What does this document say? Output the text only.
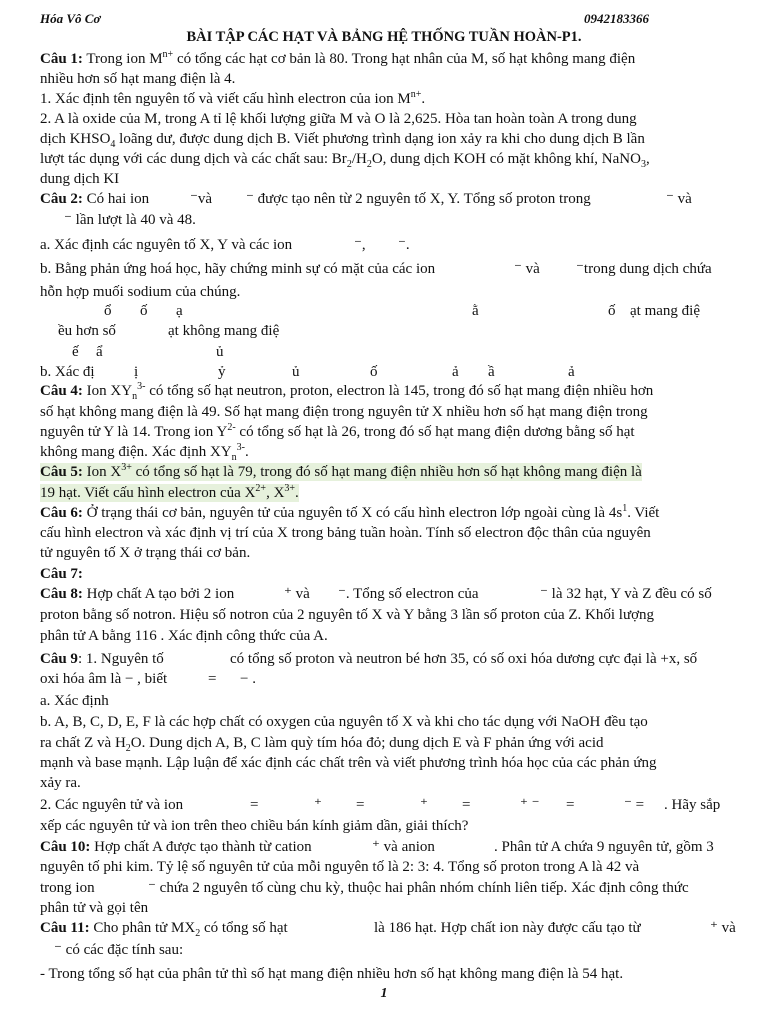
Hóa Vô Cơ	0942183366
BÀI TẬP CÁC HẠT VÀ BẢNG HỆ THỐNG TUẦN HOÀN-P1.
Câu 1: Trong ion $M^{n+}$ có tổng các hạt cơ bản là 80. Trong hạt nhân của M, số hạt không mang điện
nhiều hơn số hạt mang điện là 4.
1. Xác định tên nguyên tố và viết cấu hình electron của ion $M^{n+}$.
2. A là oxide của M, trong A tỉ lệ khối lượng giữa M và O là 2,625. Hòa tan hoàn toàn A trong dung
dịch $KHSO_4$ loãng dư, được dung dịch B. Viết phương trình dạng ion xảy ra khi cho dung dịch B lần
lượt tác dụng với các dung dịch và các chất sau: $Br_2/H_2O$, dung dịch KOH có mặt không khí, NaNO$_3$,
dung dịch KI
Câu 2: Có hai ion	⁻và ⁻ được tạo nên từ 2 nguyên tố X, Y. Tổng số proton trong	⁻ và
⁻ lần lượt là 40 và 48.
a. Xác định các nguyên tố X, Y và các ion	⁻, ⁻.
b. Bằng phản ứng hoá học, hãy chứng minh sự có mặt của các ion	⁻ và ⁻trong dung dịch chứa
hỗn hợp muối sodium của chúng.
ổ ố ạ	ằ	ố ạt mang điệ
ều hơn số	ạt không mang điệ
ế ẩ	ủ
b. Xác đị	ị	ỷ	ủ	ố	ả ầ	ả
Câu 4: Ion $XY_n^{3-}$ có tổng số hạt neutron, proton, electron là 145, trong đó số hạt mang điện nhiều hơn
số hạt không mang điện là 49. Số hạt mang điện trong nguyên tử X nhiều hơn số hạt mang điện trong
nguyên tử Y là 14. Trong ion $Y^{2-}$ có tổng số hạt là 26, trong đó số hạt mang điện dương bằng số hạt
không mang điện. Xác định $XY_n^{3-}$.
Câu 5: Ion $X^{3+}$ có tổng số hạt là 79, trong đó số hạt mang điện nhiều hơn số hạt không mang điện là
19 hạt. Viết cấu hình electron của $X^{2+}$, $X^{3+}$.
Câu 6: Ở trạng thái cơ bản, nguyên tử của nguyên tố X có cấu hình electron lớp ngoài cùng là $4s^1$. Viết
cấu hình electron và xác định vị trí của X trong bảng tuần hoàn. Tính số electron độc thân của nguyên
tử nguyên tố X ở trạng thái cơ bản.
Câu 7:
Câu 8: Hợp chất A tạo bởi 2 ion	⁺ và ⁻. Tổng số electron của	⁻ là 32 hạt, Y và Z đều có số
proton bằng số notron. Hiệu số notron của 2 nguyên tố X và Y bằng 3 lần số proton của Z. Khối lượng
phân tử A bằng 116 . Xác định công thức của A.
Câu 9: 1. Nguyên tố	có tổng số proton và neutron bé hơn 35, có số oxi hóa dương cực đại là +x, số
oxi hóa âm là − , biết	= − .
a. Xác định
b. A, B, C, D, E, F là các hợp chất có oxygen của nguyên tố X và khi cho tác dụng với NaOH đều tạo
ra chất Z và $H_2O$. Dung dịch A, B, C làm quỳ tím hóa đỏ; dung dịch E và F phản ứng với acid
mạnh và base mạnh. Lập luận để xác định các chất trên và viết phương trình hóa học của các phản ứng
xảy ra.
2. Các nguyên tử và ion	=	⁺ =	⁺ =	⁺ ⁻ =	⁻ = . Hãy sắp
xếp các nguyên tử và ion trên theo chiều bán kính giảm dần, giải thích?
Câu 10: Hợp chất A được tạo thành từ cation	⁺ và anion	. Phân tử A chứa 9 nguyên tử, gồm 3
nguyên tố phi kim. Tỷ lệ số nguyên tử của mỗi nguyên tố là 2: 3: 4. Tổng số proton trong A là 42 và
trong ion	⁻ chứa 2 nguyên tố cùng chu kỳ, thuộc hai phân nhóm chính liên tiếp. Xác định công thức
phân tử và gọi tên
Câu 11: Cho phân tử $MX_2$ có tổng số hạt	là 186 hạt. Hợp chất ion này được cấu tạo từ	⁺ và
⁻ có các đặc tính sau:
- Trong tổng số hạt của phân tử thì số hạt mang điện nhiều hơn số hạt không mang điện là 54 hạt.
1
